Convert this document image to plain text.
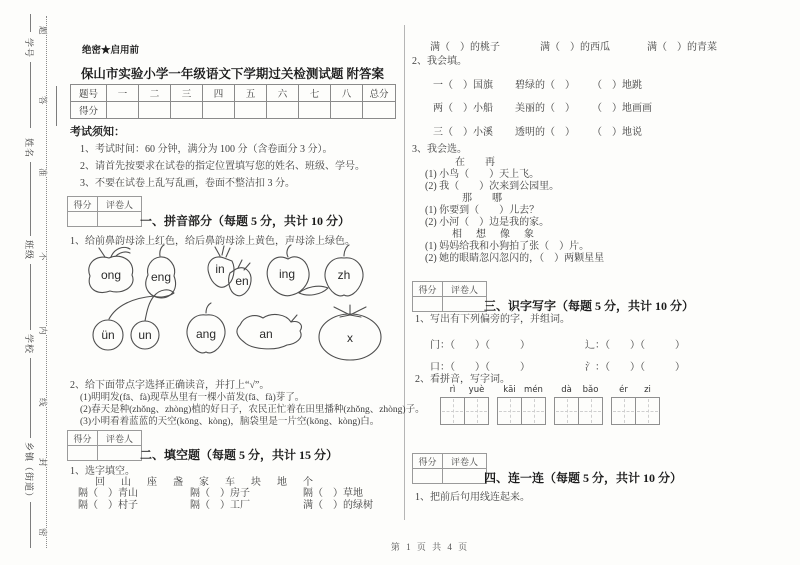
学号
姓名
班级
学校
乡镇（街道）
题
答
准
不
内
线
封
密
绝密★启用前
保山市实验小学一年级语文下学期过关检测试题 附答案
题号	一	二	三	四	五	六	七	八	总分
得分									
考试须知：
1、考试时间：60 分钟，满分为 100 分（含卷面分 3 分）。
2、请首先按要求在试卷的指定位置填写您的姓名、班级、学号。
3、不要在试卷上乱写乱画，卷面不整洁扣 3 分。
得分	评卷人

一、拼音部分（每题 5 分，共计 10 分）
1、给前鼻韵母涂上红色，给后鼻韵母涂上黄色，声母涂上绿色。
ong eng
in
en	ing	zh
ün un	ang	an	x
2、给下面带点字选择正确读音，并打上“√”。
(1)明明发(fā、fà)现草丛里有一棵小苗发(fā、fà)芽了。
(2)春天是种(zhǒng、zhòng)植的好日子，农民正忙着在田里播种(zhǒng、zhòng)子。
(3)小明看着蓝蓝的天空(kōng、kòng)，脑袋里是一片空(kōng、kòng)白。
得分	评卷人

二、填空题（每题 5 分，共计 15 分）
1、选字填空。
回　山　座　盏　家　车　块　地　个
隔（　）青山	隔（　）房子	隔（　）草地
隔（　）村子	隔（　）工厂	满（　）的绿树
满（　）的桃子	满（　）的西瓜	满（　）的青菜
2、我会填。
一（　）国旗 碧绿的（　） （　）地跳
两（　）小船 美丽的（　） （　）地画画
三（　）小溪 透明的（　） （　）地说
3、我会选。
在　　再
(1) 小鸟（　　）天上飞。
(2) 我（　　）次来到公园里。
那　　哪
(1) 你要到（　　）儿去？
(2) 小河（　）边是我的家。
相　想　像　象
(1) 妈妈给我和小狗拍了张（　）片。
(2) 她的眼睛忽闪忽闪的，（　）两颗星星
得分	评卷人

三、识字写字（每题 5 分，共计 10 分）
1、写出有下列偏旁的字，并组词。
门：（　　）（　　　）	辶：（　　）（　　　）
口：（　　）（　　　）	氵：（　　）（　　　）
2、看拼音，写字词。
rì	yuè	kāi mén	dà	bǎo	ér	zi
得分	评卷人

四、连一连（每题 5 分，共计 10 分）
1、把前后句用线连起来。
第 1 页 共 4 页
